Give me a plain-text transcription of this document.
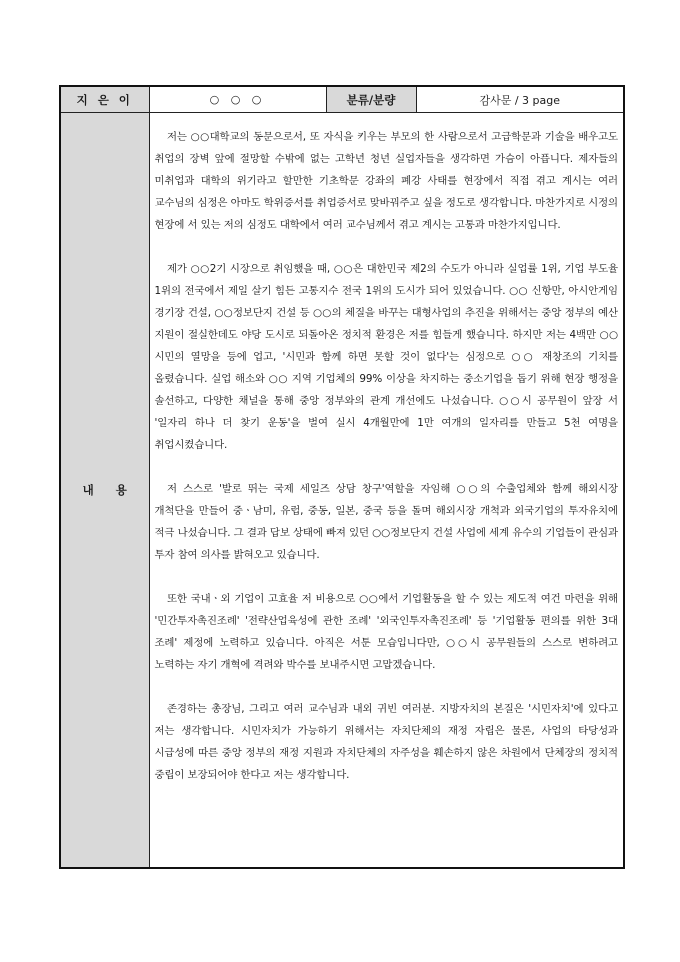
지 은 이	○ ○ ○	분류/분량	감사문 / 3 page
내 용	저는 ○○대학교의 동문으로서, 또 자식을 키우는 부모의 한 사람으로서 고급학문과 기술을 배우고도 취업의 장벽 앞에 절망할 수밖에 없는 고학년 청년 실업자들을 생각하면 가슴이 아픕니다. 제자들의 미취업과 대학의 위기라고 할만한 기초학문 강좌의 폐강 사태를 현장에서 직접 겪고 계시는 여러 교수님의 심정은 아마도 학위증서를 취업증서로 맞바꿔주고 싶을 정도로 생각합니다. 마찬가지로 시정의 현장에 서 있는 저의 심정도 대학에서 여러 교수님께서 겪고 계시는 고통과 마찬가지입니다.

제가 ○○2기 시장으로 취임했을 때, ○○은 대한민국 제2의 수도가 아니라 실업률 1위, 기업 부도율 1위의 전국에서 제일 살기 힘든 고통지수 전국 1위의 도시가 되어 있었습니다. ○○ 신항만, 아시안게임 경기장 건설, ○○정보단지 건설 등 ○○의 체질을 바꾸는 대형사업의 추진을 위해서는 중앙 정부의 예산 지원이 절실한데도 야당 도시로 되돌아온 정치적 환경은 저를 힘들게 했습니다. 하지만 저는 4백만 ○○ 시민의 열망을 등에 업고, '시민과 함께 하면 못할 것이 없다'는 심정으로 ○○ 재창조의 기치를 올렸습니다. 실업 해소와 ○○ 지역 기업체의 99% 이상을 차지하는 중소기업을 돕기 위해 현장 행정을 솔선하고, 다양한 채널을 통해 중앙 정부와의 관계 개선에도 나섰습니다. ○○시 공무원이 앞장 서 '일자리 하나 더 찾기 운동'을 벌여 실시 4개월만에 1만 여개의 일자리를 만들고 5천 여명을 취업시켰습니다.

저 스스로 '발로 뛰는 국제 세일즈 상담 창구'역할을 자임해 ○○의 수출업체와 함께 해외시장 개척단을 만들어 중ㆍ남미, 유럽, 중동, 일본, 중국 등을 돌며 해외시장 개척과 외국기업의 투자유치에 적극 나섰습니다. 그 결과 답보 상태에 빠져 있던 ○○정보단지 건설 사업에 세계 유수의 기업들이 관심과 투자 참여 의사를 밝혀오고 있습니다.

또한 국내ㆍ외 기업이 고효율 저 비용으로 ○○에서 기업활동을 할 수 있는 제도적 여건 마련을 위해 '민간투자촉진조례' '전략산업육성에 관한 조례' '외국인투자촉진조례' 등 '기업활동 편의를 위한 3대 조례' 제정에 노력하고 있습니다. 아직은 서툰 모습입니다만, ○○시 공무원들의 스스로 변하려고 노력하는 자기 개혁에 격려와 박수를 보내주시면 고맙겠습니다.

존경하는 총장님, 그리고 여러 교수님과 내외 귀빈 여러분. 지방자치의 본질은 '시민자치'에 있다고 저는 생각합니다. 시민자치가 가능하기 위해서는 자치단체의 재정 자립은 물론, 사업의 타당성과 시급성에 따른 중앙 정부의 재정 지원과 자치단체의 자주성을 훼손하지 않은 차원에서 단체장의 정치적 중립이 보장되어야 한다고 저는 생각합니다.		
